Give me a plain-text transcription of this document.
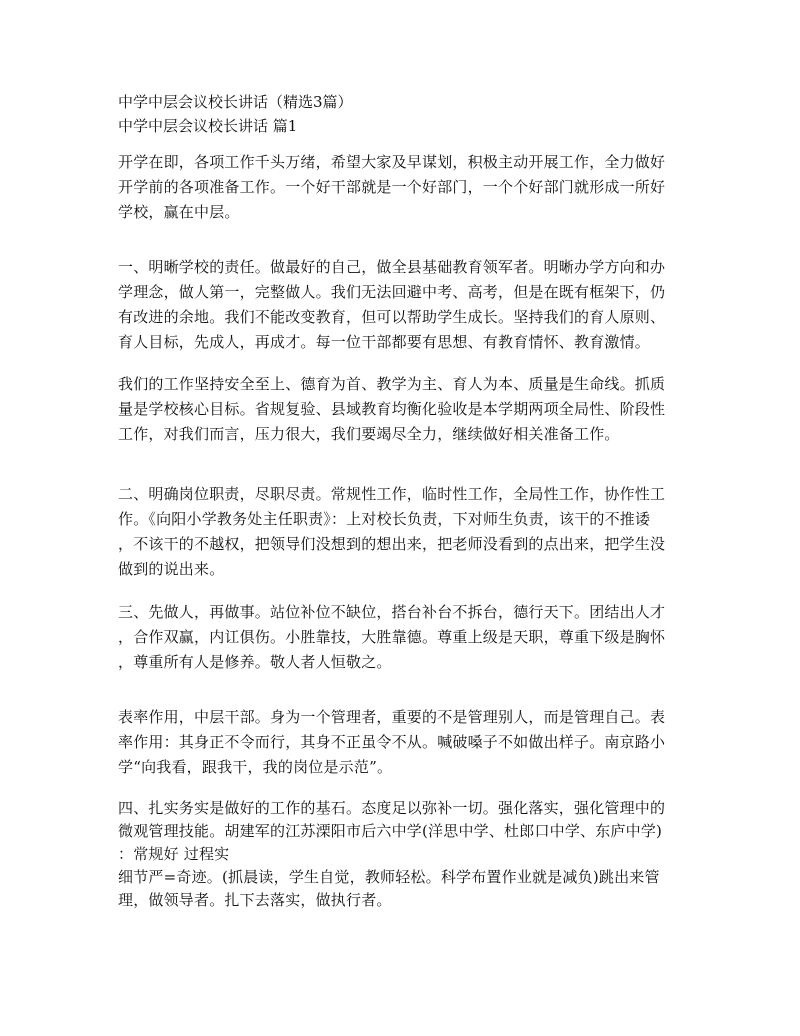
中学中层会议校长讲话（精选3篇）
中学中层会议校长讲话 篇1
开学在即，各项工作千头万绪，希望大家及早谋划，积极主动开展工作，全力做好
开学前的各项准备工作。一个好干部就是一个好部门，一个个好部门就形成一所好
学校，赢在中层。
一、明晰学校的责任。做最好的自己，做全县基础教育领军者。明晰办学方向和办
学理念，做人第一，完整做人。我们无法回避中考、高考，但是在既有框架下，仍
有改进的余地。我们不能改变教育，但可以帮助学生成长。坚持我们的育人原则、
育人目标，先成人，再成才。每一位干部都要有思想、有教育情怀、教育激情。
我们的工作坚持安全至上、德育为首、教学为主、育人为本、质量是生命线。抓质
量是学校核心目标。省规复验、县域教育均衡化验收是本学期两项全局性、阶段性
工作，对我们而言，压力很大，我们要竭尽全力，继续做好相关准备工作。
二、明确岗位职责，尽职尽责。常规性工作，临时性工作，全局性工作，协作性工
作。《向阳小学教务处主任职责》：上对校长负责，下对师生负责，该干的不推诿
，不该干的不越权，把领导们没想到的想出来，把老师没看到的点出来，把学生没
做到的说出来。
三、先做人，再做事。站位补位不缺位，搭台补台不拆台，德行天下。团结出人才
，合作双赢，内讧俱伤。小胜靠技，大胜靠德。尊重上级是天职，尊重下级是胸怀
，尊重所有人是修养。敬人者人恒敬之。
表率作用，中层干部。身为一个管理者，重要的不是管理别人，而是管理自己。表
率作用：其身正不令而行，其身不正虽令不从。喊破嗓子不如做出样子。南京路小
学“向我看，跟我干，我的岗位是示范”。
四、扎实务实是做好的工作的基石。态度足以弥补一切。强化落实，强化管理中的
微观管理技能。胡建军的江苏溧阳市后六中学(洋思中学、杜郎口中学、东庐中学)
：常规好 过程实
细节严=奇迹。(抓晨读，学生自觉，教师轻松。科学布置作业就是减负)跳出来管
理，做领导者。扎下去落实，做执行者。
